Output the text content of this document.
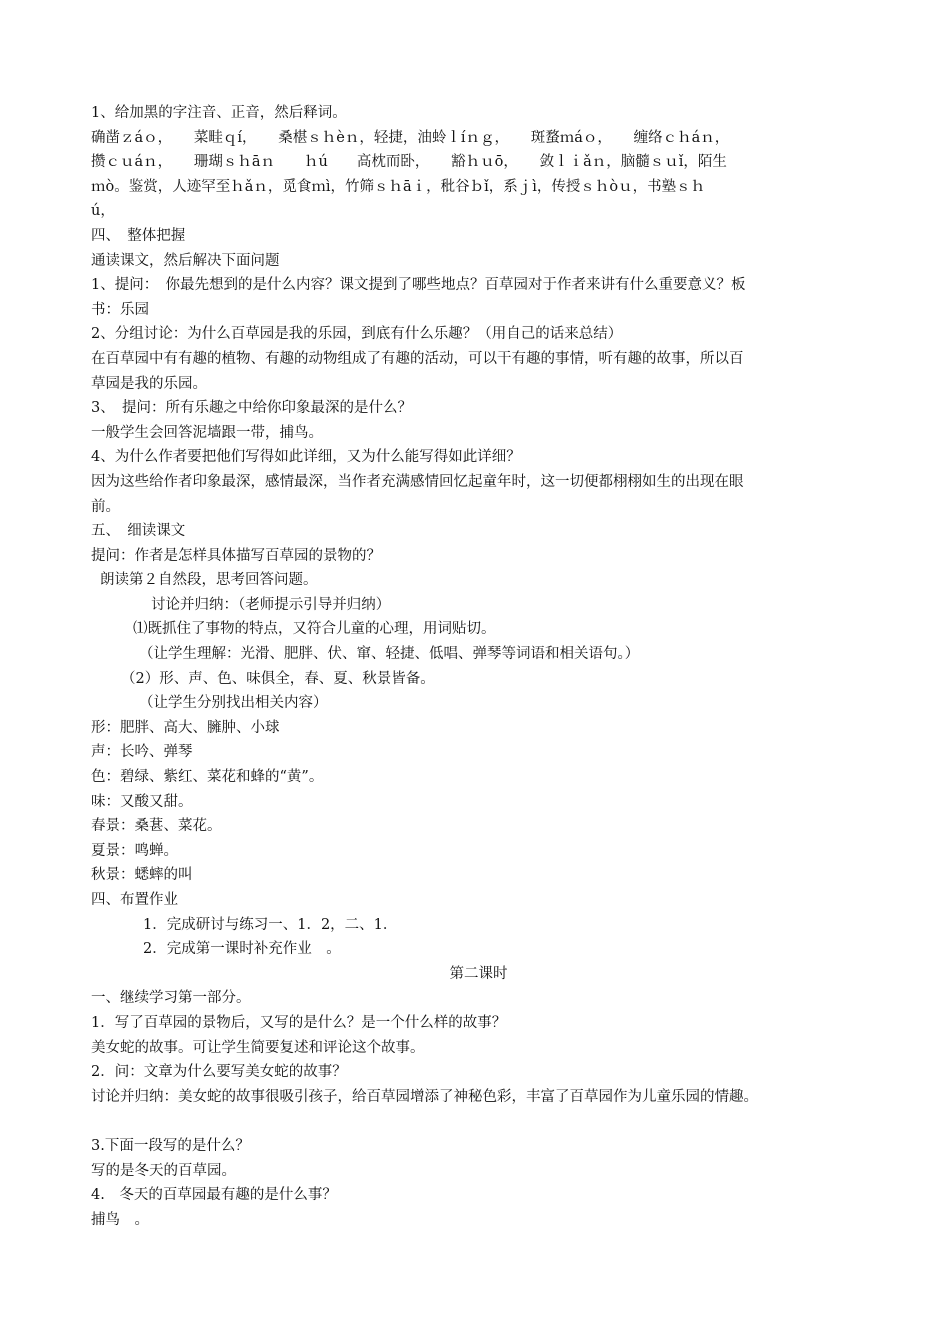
1、给加黑的字注音、正音，然后释词。
确凿ｚáｏ，　　菜畦ｑí，　　桑椹ｓｈèｎ，轻捷，油蛉ｌíｎｇ，　　斑蝥ｍáｏ，　　缠络ｃｈáｎ，
攒ｃｕáｎ，　　珊瑚ｓｈāｎ　　ｈú　　高枕而卧，　　豁ｈｕō，　　敛ｌｉǎｎ，脑髓ｓｕǐ，陌生
ｍò。鉴赏，人迹罕至ｈǎｎ，觅食ｍì，竹筛ｓｈāｉ，秕谷ｂǐ，系ｊì，传授ｓｈòｕ，书塾ｓｈ
ú，
四、　整体把握
通读课文，然后解决下面问题
1、提问：　你最先想到的是什么内容？课文提到了哪些地点？百草园对于作者来讲有什么重要意义？板
书：乐园
2、分组讨论：为什么百草园是我的乐园，到底有什么乐趣？（用自己的话来总结）
在百草园中有有趣的植物、有趣的动物组成了有趣的活动，可以干有趣的事情，听有趣的故事，所以百
草园是我的乐园。
3、　提问：所有乐趣之中给你印象最深的是什么？
一般学生会回答泥墙跟一带，捕鸟。
4、为什么作者要把他们写得如此详细，又为什么能写得如此详细？
因为这些给作者印象最深，感情最深，当作者充满感情回忆起童年时，这一切便都栩栩如生的出现在眼
前。
五、　细读课文
提问：作者是怎样具体描写百草园的景物的？
朗读第２自然段，思考回答问题。
讨论并归纳：（老师提示引导并归纳）
⑴既抓住了事物的特点，又符合儿童的心理，用词贴切。
（让学生理解：光滑、肥胖、伏、窜、轻捷、低唱、弹琴等词语和相关语句。）
（2）形、声、色、味俱全，春、夏、秋景皆备。
（让学生分别找出相关内容）
形：肥胖、高大、臃肿、小球
声：长吟、弹琴
色：碧绿、紫红、菜花和蜂的“黄”。
味：又酸又甜。
春景：桑葚、菜花。
夏景：鸣蝉。
秋景：蟋蟀的叫
四、布置作业
1．完成研讨与练习一、1．2，二、1．
2．完成第一课时补充作业　。
第二课时
一、继续学习第一部分。
1．写了百草园的景物后，又写的是什么？是一个什么样的故事？
美女蛇的故事。可让学生简要复述和评论这个故事。
2．问：文章为什么要写美女蛇的故事？
讨论并归纳：美女蛇的故事很吸引孩子，给百草园增添了神秘色彩，丰富了百草园作为儿童乐园的情趣。
3.下面一段写的是什么？
写的是冬天的百草园。
4.　冬天的百草园最有趣的是什么事？
捕鸟　。
